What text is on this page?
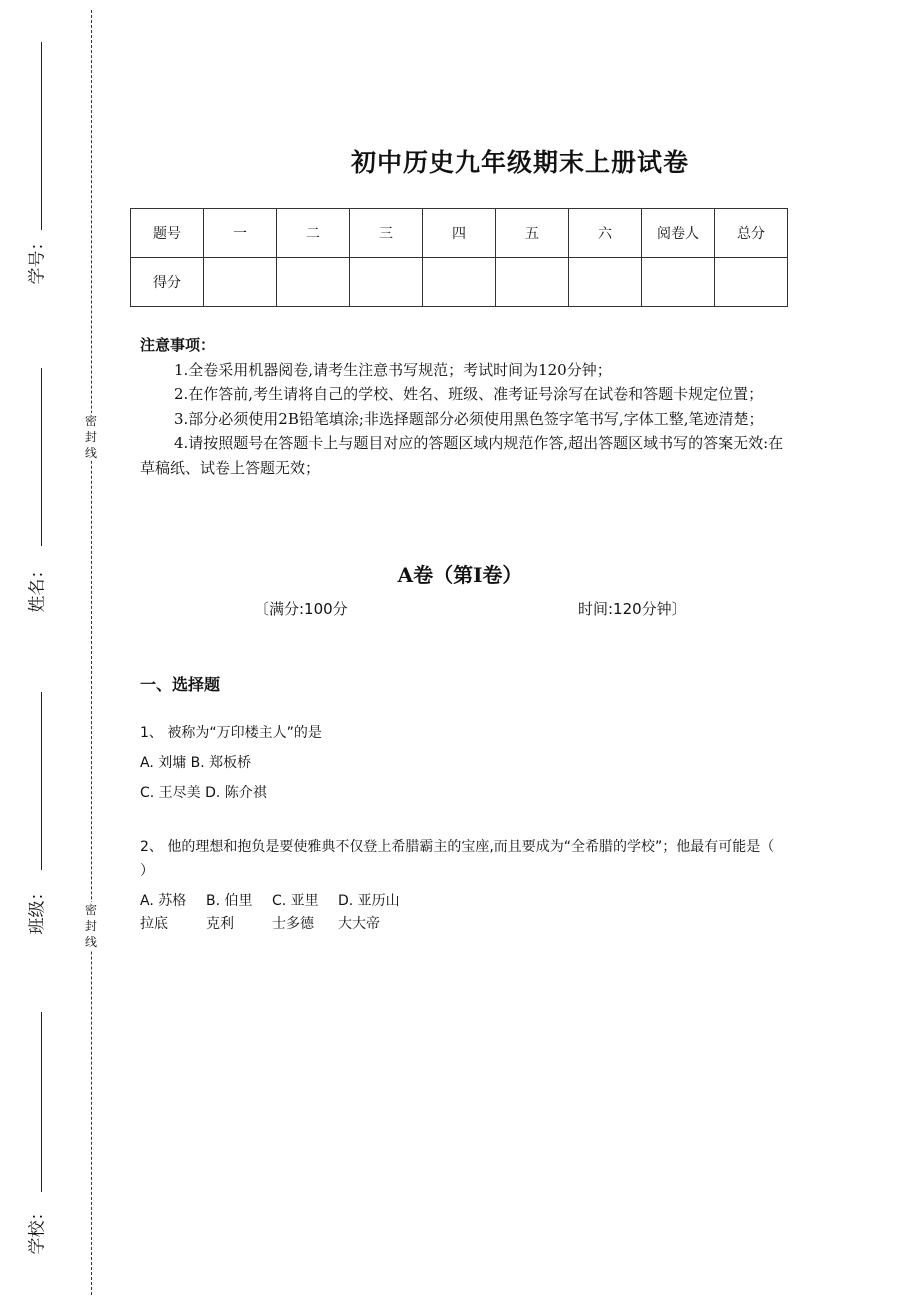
学号：
姓名：
班级：
学校：
密
封
线
密
封
线
初中历史九年级期末上册试卷
题号	一	二	三	四	五	六	阅卷人	总分
得分								
注意事项：

1.全卷采用机器阅卷,请考生注意书写规范；考试时间为120分钟；

2.在作答前,考生请将自己的学校、姓名、班级、准考证号涂写在试卷和答题卡规定位置；

3.部分必须使用2B铅笔填涂;非选择题部分必须使用黑色签字笔书写,字体工整,笔迹清楚；

4.请按照题号在答题卡上与题目对应的答题区域内规范作答,超出答题区域书写的答案无效:在草稿纸、试卷上答题无效；

A卷（第Ⅰ卷）
〔满分:100分	时间:120分钟〕
一、选择题
1、 被称为“万印楼主人”的是
A. 刘墉 B. 郑板桥
C. 王尽美 D. 陈介祺
2、 他的理想和抱负是要使雅典不仅登上希腊霸主的宝座,而且要成为“全希腊的学校”；他最有可能是（ ）
A. 苏格
拉底
B. 伯里
克利
C. 亚里
士多德
D. 亚历山
大大帝
